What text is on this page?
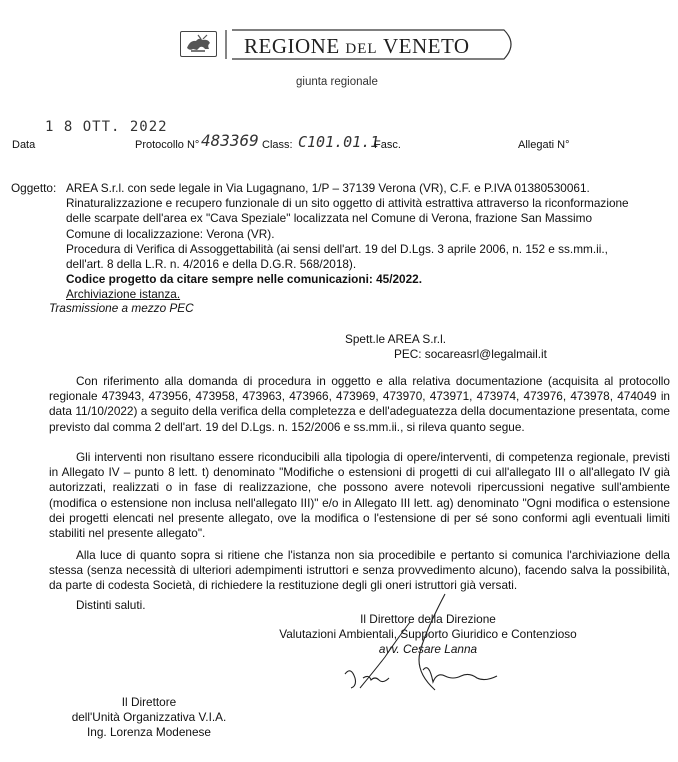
REGIONE DEL VENETO
giunta regionale
Data
1 8 OTT. 2022
Protocollo N° 483369 Class: C101.01.1
Fasc.	Allegati N°
Oggetto: AREA S.r.l. con sede legale in Via Lugagnano, 1/P – 37139 Verona (VR), C.F. e P.IVA 01380530061.
Rinaturalizzazione e recupero funzionale di un sito oggetto di attività estrattiva attraverso la riconformazione
delle scarpate dell'area ex "Cava Speziale" localizzata nel Comune di Verona, frazione San Massimo
Comune di localizzazione: Verona (VR).
Procedura di Verifica di Assoggettabilità (ai sensi dell'art. 19 del D.Lgs. 3 aprile 2006, n. 152 e ss.mm.ii.,
dell'art. 8 della L.R. n. 4/2016 e della D.G.R. 568/2018).
Codice progetto da citare sempre nelle comunicazioni: 45/2022.
Archiviazione istanza.
Trasmissione a mezzo PEC
Spett.le AREA S.r.l.
PEC: socareasrl@legalmail.it
Con riferimento alla domanda di procedura in oggetto e alla relativa documentazione (acquisita al protocollo regionale 473943, 473956, 473958, 473963, 473966, 473969, 473970, 473971, 473974, 473976, 473978, 474049 in data 11/10/2022) a seguito della verifica della completezza e dell'adeguatezza della documentazione presentata, come previsto dal comma 2 dell'art. 19 del D.Lgs. n. 152/2006 e ss.mm.ii., si rileva quanto segue.
Gli interventi non risultano essere riconducibili alla tipologia di opere/interventi, di competenza regionale, previsti in Allegato IV – punto 8 lett. t) denominato "Modifiche o estensioni di progetti di cui all'allegato III o all'allegato IV già autorizzati, realizzati o in fase di realizzazione, che possono avere notevoli ripercussioni negative sull'ambiente (modifica o estensione non inclusa nell'allegato III)" e/o in Allegato III lett. ag) denominato "Ogni modifica o estensione dei progetti elencati nel presente allegato, ove la modifica o l'estensione di per sé sono conformi agli eventuali limiti stabiliti nel presente allegato".
Alla luce di quanto sopra si ritiene che l'istanza non sia procedibile e pertanto si comunica l'archiviazione della stessa (senza necessità di ulteriori adempimenti istruttori e senza provvedimento alcuno), facendo salva la possibilità, da parte di codesta Società, di richiedere la restituzione degli gli oneri istruttori già versati.
Distinti saluti.
Il Direttore della Direzione
Valutazioni Ambientali, Supporto Giuridico e Contenzioso
avv. Cesare Lanna
Il Direttore
dell'Unità Organizzativa V.I.A.
Ing. Lorenza Modenese
